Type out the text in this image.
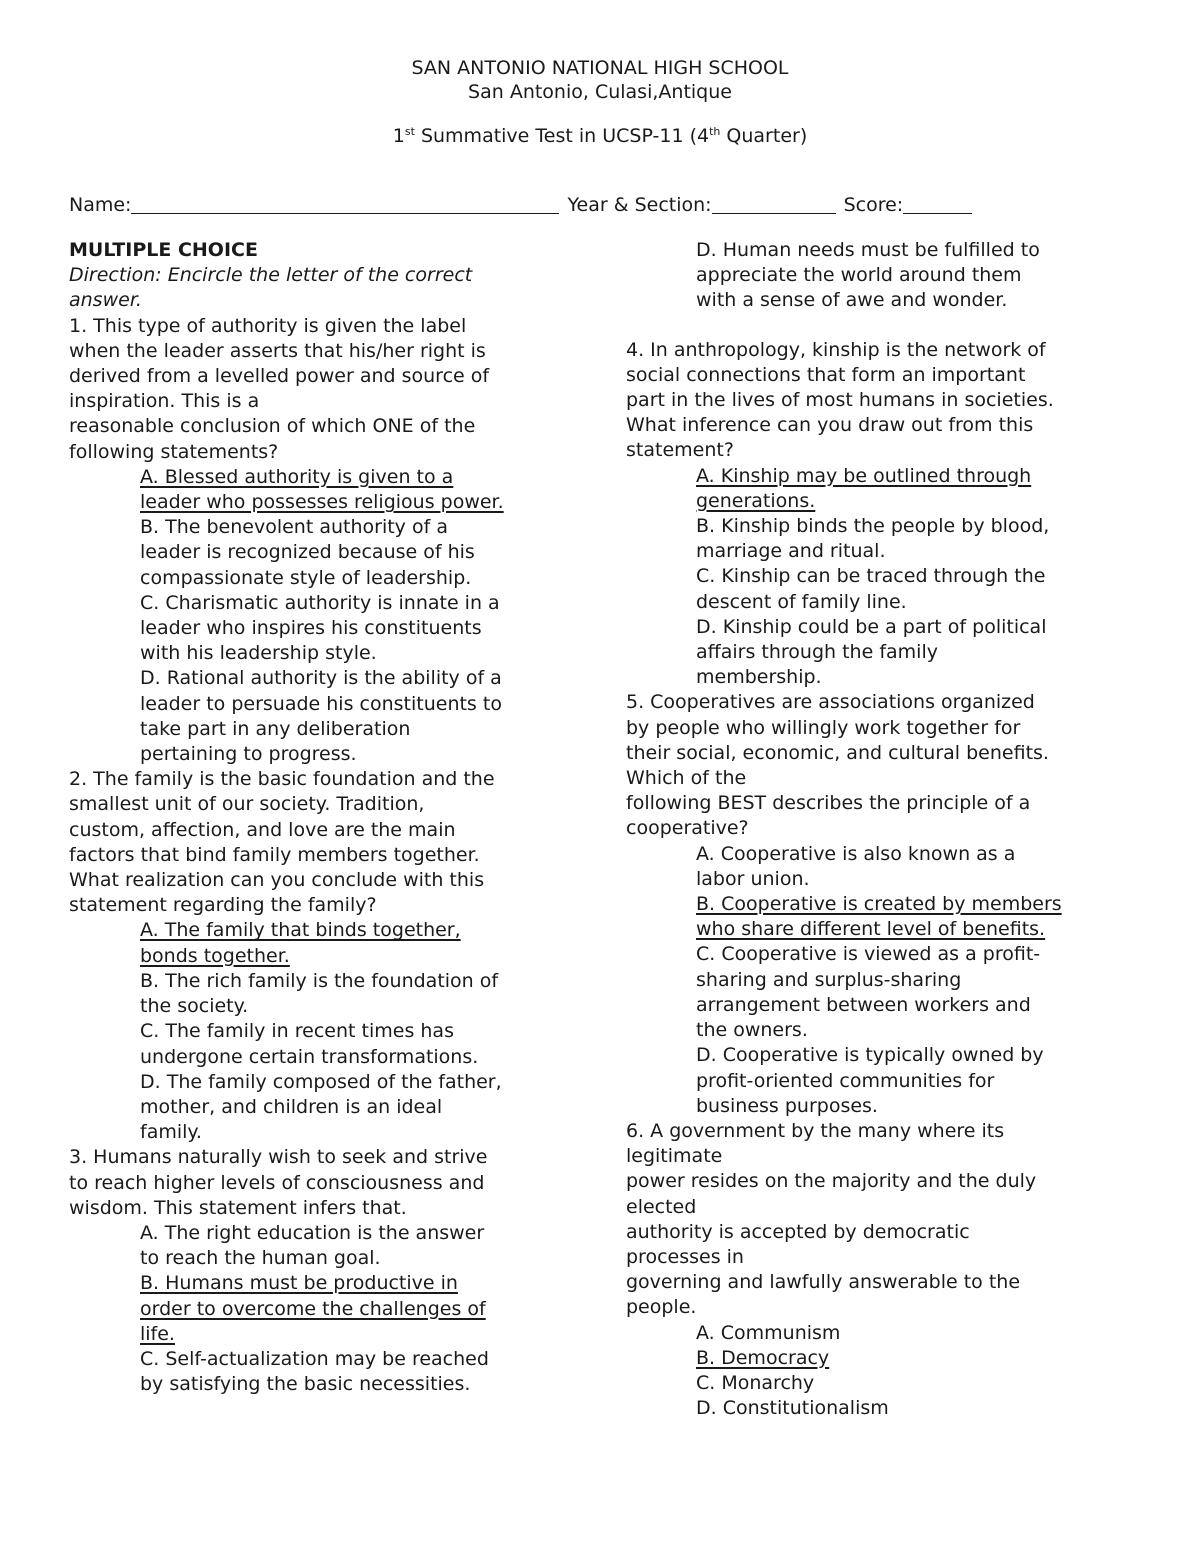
SAN ANTONIO NATIONAL HIGH SCHOOL
San Antonio, Culasi,Antique
1st Summative Test in UCSP-11 (4th Quarter)
Name:	Year & Section:	Score:
MULTIPLE CHOICE
Direction: Encircle the letter of the correct
answer.
1. This type of authority is given the label
when the leader asserts that his/her right is
derived from a levelled power and source of
inspiration. This is a
reasonable conclusion of which ONE of the
following statements?
A. Blessed authority is given to a
leader who possesses religious power.
B. The benevolent authority of a
leader is recognized because of his
compassionate style of leadership.
C. Charismatic authority is innate in a
leader who inspires his constituents
with his leadership style.
D. Rational authority is the ability of a
leader to persuade his constituents to
take part in any deliberation
pertaining to progress.
2. The family is the basic foundation and the
smallest unit of our society. Tradition,
custom, affection, and love are the main
factors that bind family members together.
What realization can you conclude with this
statement regarding the family?
A. The family that binds together,
bonds together.
B. The rich family is the foundation of
the society.
C. The family in recent times has
undergone certain transformations.
D. The family composed of the father,
mother, and children is an ideal
family.
3. Humans naturally wish to seek and strive
to reach higher levels of consciousness and
wisdom. This statement infers that.
A. The right education is the answer
to reach the human goal.
B. Humans must be productive in
order to overcome the challenges of
life.
C. Self-actualization may be reached
by satisfying the basic necessities.
D. Human needs must be fulfilled to
appreciate the world around them
with a sense of awe and wonder.
4. In anthropology, kinship is the network of
social connections that form an important
part in the lives of most humans in societies.
What inference can you draw out from this
statement?
A. Kinship may be outlined through
generations.
B. Kinship binds the people by blood,
marriage and ritual.
C. Kinship can be traced through the
descent of family line.
D. Kinship could be a part of political
affairs through the family
membership.
5. Cooperatives are associations organized
by people who willingly work together for
their social, economic, and cultural benefits.
Which of the
following BEST describes the principle of a
cooperative?
A. Cooperative is also known as a
labor union.
B. Cooperative is created by members
who share different level of benefits.
C. Cooperative is viewed as a profit-
sharing and surplus-sharing
arrangement between workers and
the owners.
D. Cooperative is typically owned by
profit-oriented communities for
business purposes.
6. A government by the many where its
legitimate
power resides on the majority and the duly
elected
authority is accepted by democratic
processes in
governing and lawfully answerable to the
people.
A. Communism
B. Democracy
C. Monarchy
D. Constitutionalism
